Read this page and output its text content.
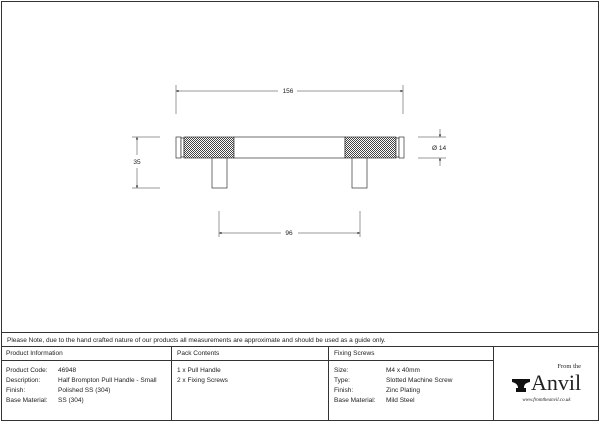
156
35
96
Ø 14
Please Note, due to the hand crafted nature of our products all measurements are approximate and should be used as a guide only.
Product Information
Product Code:	46948
Description:	Half Brompton Pull Handle - Small
Finish:	Polished SS (304)
Base Material:	SS (304)
Pack Contents
1 x Pull Handle
2 x Fixing Screws
Fixing Screws
Size:	M4 x 40mm
Type:	Slotted Machine Screw
Finish:	Zinc Plating
Base Material:	Mild Steel
From the
Anvil
www.fromtheanvil.co.uk
